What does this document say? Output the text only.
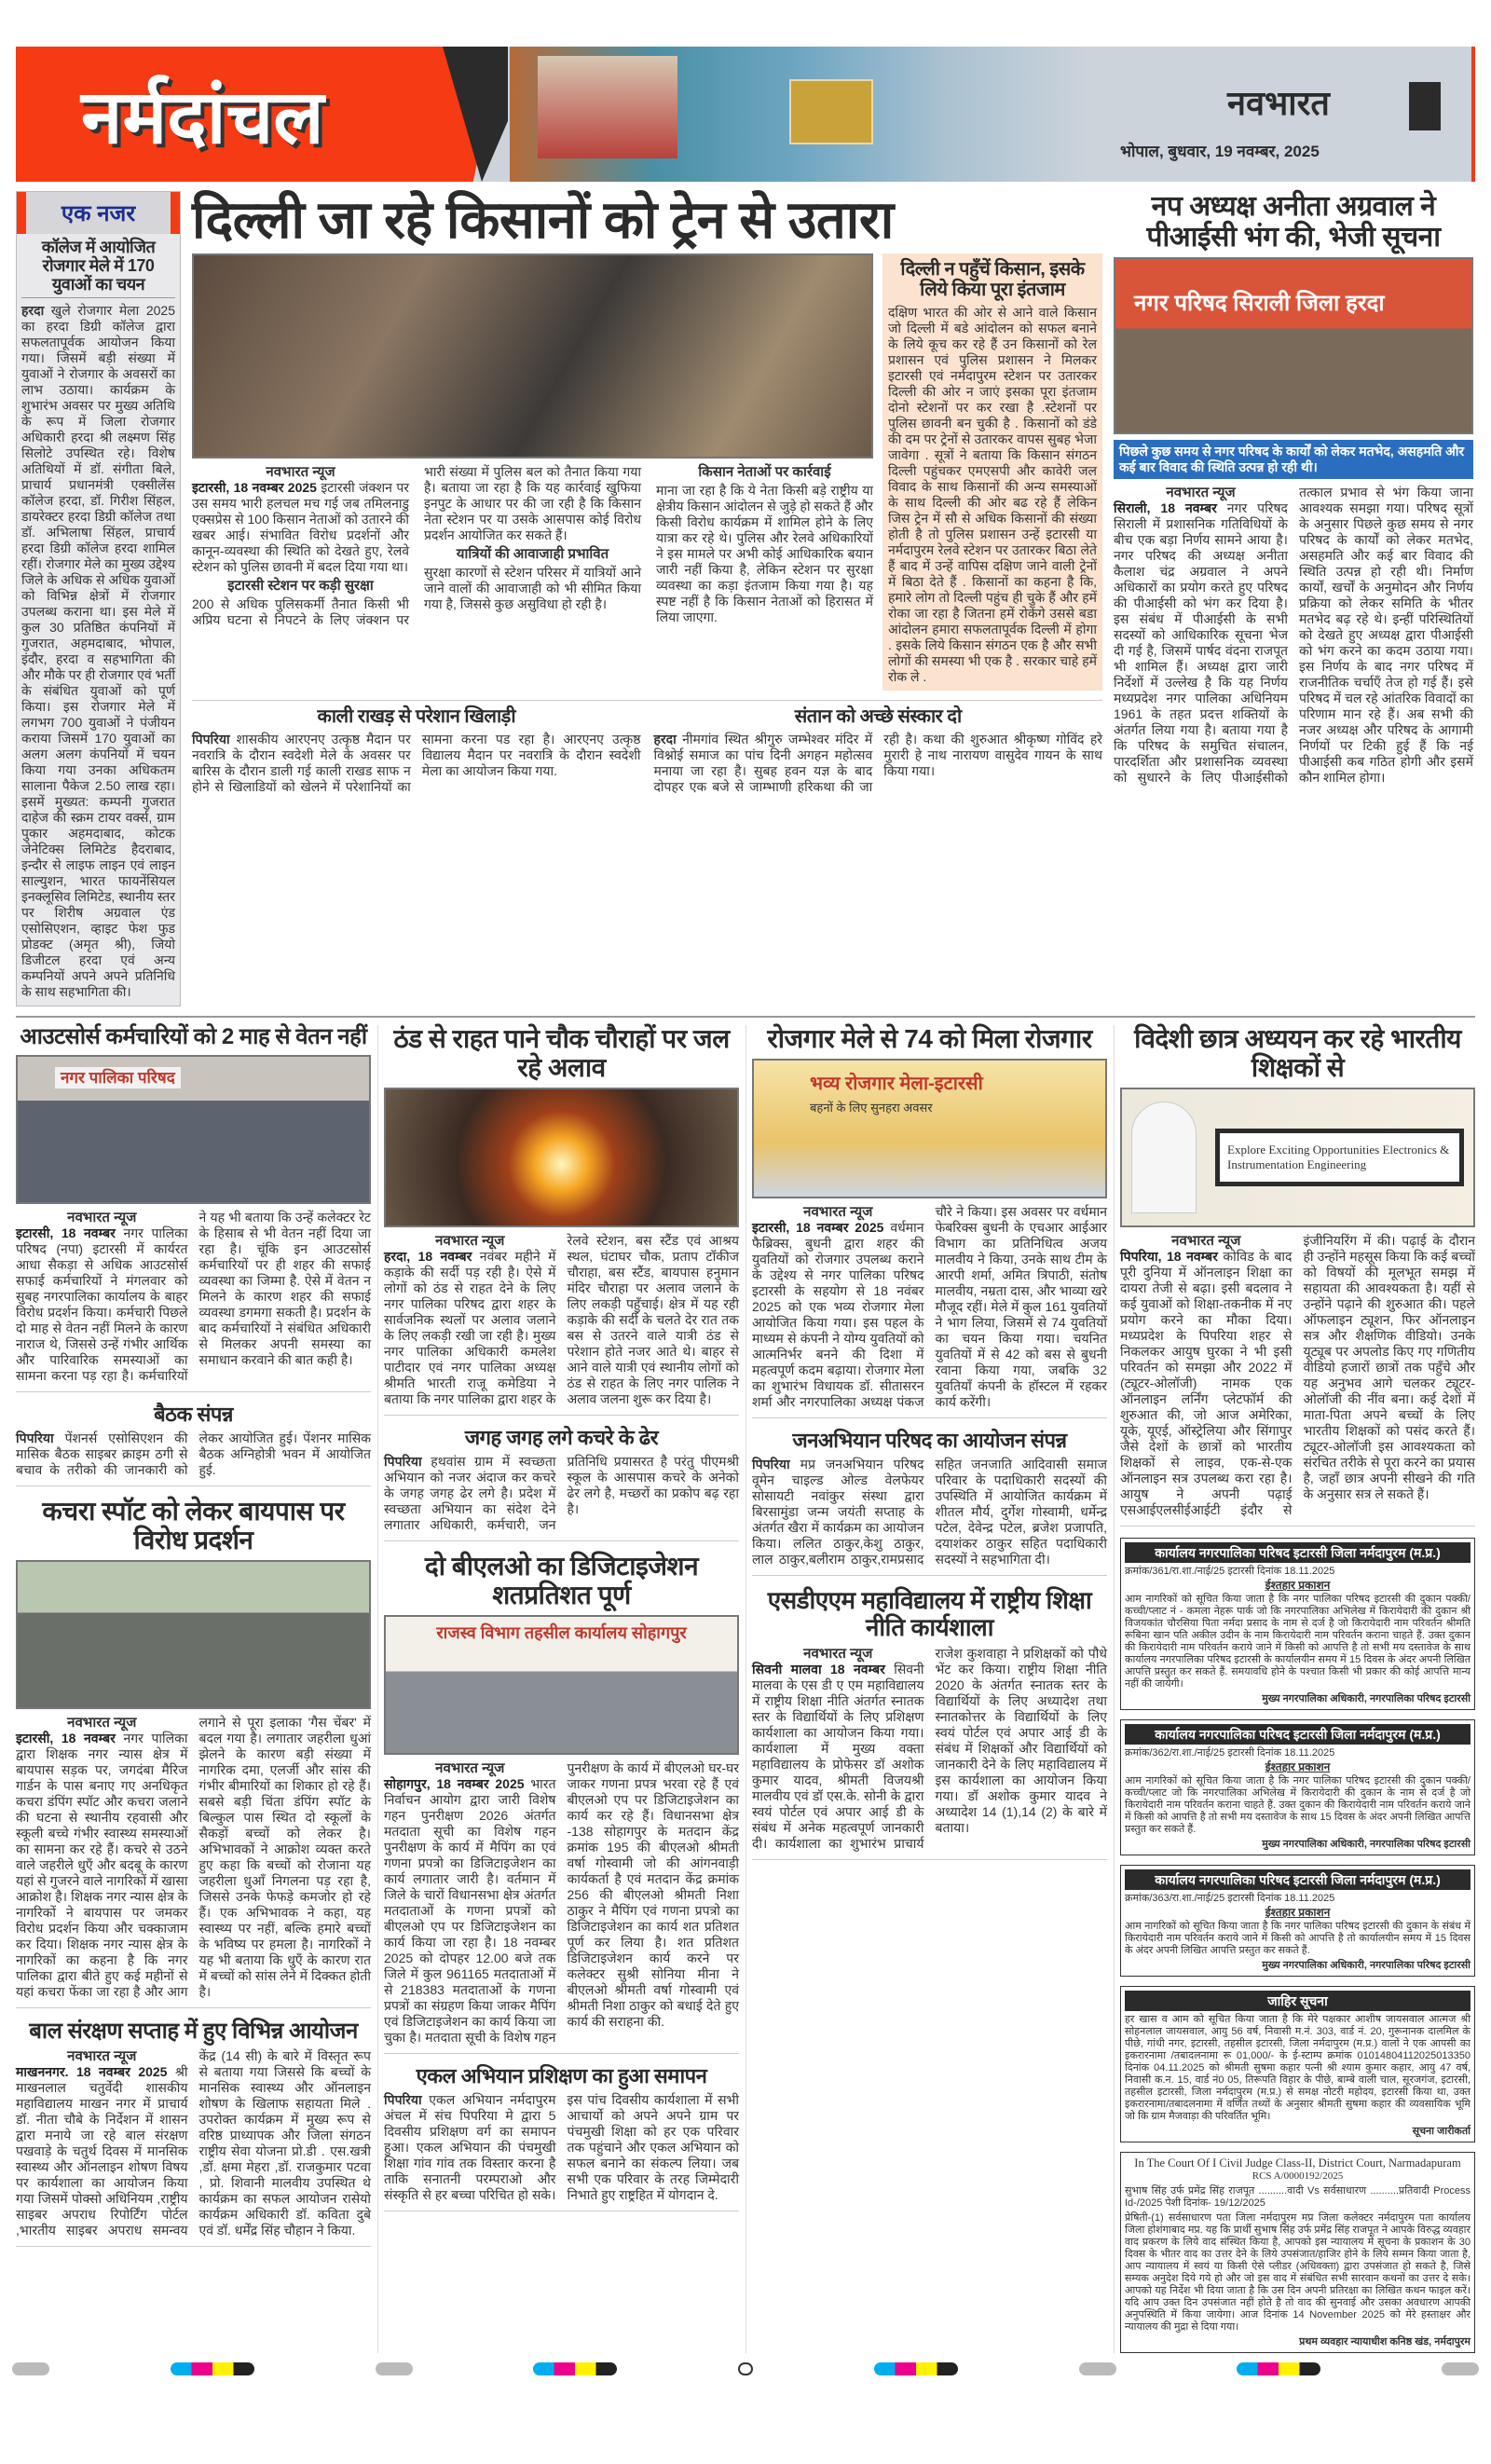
नर्मदांचल	नवभारत
भोपाल, बुधवार, 19 नवम्बर, 2025
एक नजर
कॉलेज में आयोजित रोजगार मेले में 170 युवाओं का चयन
हरदा खुले रोजगार मेला 2025 का हरदा डिग्री कॉलेज द्वारा सफलतापूर्वक आयोजन किया गया। जिसमें बड़ी संख्या में युवाओं ने रोजगार के अवसरों का लाभ उठाया। कार्यक्रम के शुभारंभ अवसर पर मुख्य अतिथि के रूप में जिला रोजगार अधिकारी हरदा श्री लक्ष्मण सिंह सिलोटे उपस्थित रहे। विशेष अतिथियों में डॉ. संगीता बिले, प्राचार्य प्रधानमंत्री एक्सीलेंस कॉलेज हरदा, डॉ. गिरीश सिंहल, डायरेक्टर हरदा डिग्री कॉलेज तथा डॉ. अभिलाषा सिंहल, प्राचार्य हरदा डिग्री कॉलेज हरदा शामिल रहीं। रोजगार मेले का मुख्य उद्देश्य जिले के अधिक से अधिक युवाओं को विभिन्न क्षेत्रों में रोजगार उपलब्ध कराना था। इस मेले में कुल 30 प्रतिष्ठित कंपनियों में गुजरात, अहमदाबाद, भोपाल, इंदौर, हरदा व सहभागिता की और मौके पर ही रोजगार एवं भर्ती के संबंधित युवाओं को पूर्ण किया। इस रोजगार मेले में लगभग 700 युवाओं ने पंजीयन कराया जिसमें 170 युवाओं का अलग अलग कंपनियों में चयन किया गया उनका अधिकतम सालाना पैकेज 2.50 लाख रहा। इसमें मुख्यत: कम्पनी गुजरात दाहेज की स्क्रम टायर वर्क्स, ग्राम पुकार अहमदाबाद, कोटक जेनेटिक्स लिमिटेड हैदराबाद, इन्दौर से लाइफ लाइन एवं लाइन साल्युशन, भारत फायनेंसियल इनक्लूसिव लिमिटेड, स्थानीय स्तर पर शिरीष अग्रवाल एंड एसोसिएशन, व्हाइट फेश फुड प्रोडक्ट (अमृत श्री), जियो डिजीटल हरदा एवं अन्य कम्पनियों अपने अपने प्रतिनिधि के साथ सहभागिता की।
दिल्ली जा रहे किसानों को ट्रेन से उतारा
नवभारत न्यूज
इटारसी, 18 नवम्बर 2025 इटारसी जंक्शन पर उस समय भारी हलचल मच गई जब तमिलनाडु एक्सप्रेस से 100 किसान नेताओं को उतारने की खबर आई। संभावित विरोध प्रदर्शनों और कानून-व्यवस्था की स्थिति को देखते हुए, रेलवे स्टेशन को पुलिस छावनी में बदल दिया गया था।
इटारसी स्टेशन पर कड़ी सुरक्षा
200 से अधिक पुलिसकर्मी तैनात किसी भी अप्रिय घटना से निपटने के लिए जंक्शन पर भारी संख्या में पुलिस बल को तैनात किया गया है। बताया जा रहा है कि यह कार्रवाई खुफिया इनपुट के आधार पर की जा रही है कि किसान नेता स्टेशन पर या उसके आसपास कोई विरोध प्रदर्शन आयोजित कर सकते हैं।
यात्रियों की आवाजाही प्रभावित
सुरक्षा कारणों से स्टेशन परिसर में यात्रियों आने जाने वालों की आवाजाही को भी सीमित किया गया है, जिससे कुछ असुविधा हो रही है।
किसान नेताओं पर कार्रवाई
माना जा रहा है कि ये नेता किसी बड़े राष्ट्रीय या क्षेत्रीय किसान आंदोलन से जुड़े हो सकते हैं और किसी विरोध कार्यक्रम में शामिल होने के लिए यात्रा कर रहे थे। पुलिस और रेलवे अधिकारियों ने इस मामले पर अभी कोई आधिकारिक बयान जारी नहीं किया है, लेकिन स्टेशन पर सुरक्षा व्यवस्था का कड़ा इंतजाम किया गया है। यह स्पष्ट नहीं है कि किसान नेताओं को हिरासत में लिया जाएगा.
दिल्ली न पहुँचें किसान, इसके लिये किया पूरा इंतजाम
दक्षिण भारत की ओर से आने वाले किसान जो दिल्ली में बडे आंदोलन को सफल बनाने के लिये कूच कर रहे हैं उन किसानों को रेल प्रशासन एवं पुलिस प्रशासन ने मिलकर इटारसी एवं नर्मदापुरम स्टेशन पर उतारकर दिल्ली की ओर न जाएं इसका पूरा इंतजाम दोनो स्टेशनों पर कर रखा है .स्टेशनों पर पुलिस छावनी बन चुकी है . किसानों को डंडे की दम पर ट्रेनों से उतारकर वापस सुबह भेजा जावेगा . सूत्रों ने बताया कि किसान संगठन दिल्ली पहुंचकर एमएसपी और कावेरी जल विवाद के साथ किसानों की अन्य समस्याओं के साथ दिल्ली की ओर बढ रहे हैं लेकिन जिस ट्रेन में सौ से अधिक किसानों की संख्या होती है तो पुलिस प्रशासन उन्हें इटारसी या नर्मदापुरम रेलवे स्टेशन पर उतारकर बिठा लेते हैं बाद में उन्हें वापिस दक्षिण जाने वाली ट्रेनों में बिठा देते हैं . किसानों का कहना है कि, हमारे लोग तो दिल्ली पहुंच ही चुके हैं और हमें रोका जा रहा है जितना हमें रोकेंगे उससे बडा आंदोलन हमारा सफलतापूर्वक दिल्ली में होगा . इसके लिये किसान संगठन एक है और सभी लोगों की समस्या भी एक है . सरकार चाहे हमें रोक ले .
काली राखड़ से परेशान खिलाड़ी
पिपरिया शासकीय आरएनए उत्कृष्ठ मैदान पर नवरात्रि के दौरान स्वदेशी मेले के अवसर पर बारिस के दौरान डाली गई काली राखड साफ न होने से खिलाडियों को खेलने में परेशानियों का सामना करना पड रहा है। आरएनए उत्कृष्ठ विद्यालय मैदान पर नवरात्रि के दौरान स्वदेशी मेला का आयोजन किया गया.
संतान को अच्छे संस्कार दो
हरदा नीमगांव स्थित श्रीगुरु जम्भेश्वर मंदिर में विश्नोई समाज का पांच दिनी अगहन महोत्सव मनाया जा रहा है। सुबह हवन यज्ञ के बाद दोपहर एक बजे से जाम्भाणी हरिकथा की जा रही है। कथा की शुरुआत श्रीकृष्ण गोविंद हरे मुरारी हे नाथ नारायण वासुदेव गायन के साथ किया गया।
नप अध्यक्ष अनीता अग्रवाल ने पीआईसी भंग की, भेजी सूचना
नगर परिषद सिराली जिला हरदा
पिछले कुछ समय से नगर परिषद के कार्यों को लेकर मतभेद, असहमति और कई बार विवाद की स्थिति उत्पन्न हो रही थी।
नवभारत न्यूज
सिराली, 18 नवम्बर नगर परिषद सिराली में प्रशासनिक गतिविधियों के बीच एक बड़ा निर्णय सामने आया है। नगर परिषद की अध्यक्ष अनीता कैलाश चंद्र अग्रवाल ने अपने अधिकारों का प्रयोग करते हुए परिषद की पीआईसी को भंग कर दिया है। इस संबंध में पीआईसी के सभी सदस्यों को आधिकारिक सूचना भेज दी गई है, जिसमें पार्षद वंदना राजपूत भी शामिल हैं। अध्यक्ष द्वारा जारी निर्देशों में उल्लेख है कि यह निर्णय मध्यप्रदेश नगर पालिका अधिनियम 1961 के तहत प्रदत्त शक्तियों के अंतर्गत लिया गया है। बताया गया है कि परिषद के समुचित संचालन, पारदर्शिता और प्रशासनिक व्यवस्था को सुधारने के लिए पीआईसीको तत्काल प्रभाव से भंग किया जाना आवश्यक समझा गया। परिषद सूत्रों के अनुसार पिछले कुछ समय से नगर परिषद के कार्यों को लेकर मतभेद, असहमति और कई बार विवाद की स्थिति उत्पन्न हो रही थी। निर्माण कार्यों, खर्चों के अनुमोदन और निर्णय प्रक्रिया को लेकर समिति के भीतर मतभेद बढ़ रहे थे। इन्हीं परिस्थितियों को देखते हुए अध्यक्ष द्वारा पीआईसी को भंग करने का कदम उठाया गया। इस निर्णय के बाद नगर परिषद में राजनीतिक चर्चाएँ तेज हो गई हैं। इसे परिषद में चल रहे आंतरिक विवादों का परिणाम मान रहे हैं। अब सभी की नजर अध्यक्ष और परिषद के आगामी निर्णयों पर टिकी हुई हैं कि नई पीआईसी कब गठित होगी और इसमें कौन शामिल होगा।
आउटसोर्स कर्मचारियों को 2 माह से वेतन नहीं
नगर पालिका परिषद
नवभारत न्यूज
इटारसी, 18 नवम्बर नगर पालिका परिषद (नपा) इटारसी में कार्यरत आधा सैकड़ा से अधिक आउटसोर्स सफाई कर्मचारियों ने मंगलवार को सुबह नगरपालिका कार्यालय के बाहर विरोध प्रदर्शन किया। कर्मचारी पिछले दो माह से वेतन नहीं मिलने के कारण नाराज थे, जिससे उन्हें गंभीर आर्थिक और पारिवारिक समस्याओं का सामना करना पड़ रहा है। कर्मचारियों ने यह भी बताया कि उन्हें कलेक्टर रेट के हिसाब से भी वेतन नहीं दिया जा रहा है। चूंकि इन आउटसोर्स कर्मचारियों पर ही शहर की सफाई व्यवस्था का जिम्मा है. ऐसे में वेतन न मिलने के कारण शहर की सफाई व्यवस्था डगमगा सकती है। प्रदर्शन के बाद कर्मचारियों ने संबंधित अधिकारी से मिलकर अपनी समस्या का समाधान करवाने की बात कही है।
बैठक संपन्न
पिपरिया पेंशनर्स एसोसिएशन की मासिक बैठक साइबर क्राइम ठगी से बचाव के तरीको की जानकारी को लेकर आयोजित हुई। पेंशनर मासिक बैठक अग्निहोत्री भवन में आयोजित हुई.
कचरा स्पॉट को लेकर बायपास पर विरोध प्रदर्शन
नवभारत न्यूज
इटारसी, 18 नवम्बर नगर पालिका द्वारा शिक्षक नगर न्यास क्षेत्र में बायपास सड़क पर, जगदंबा मैरिज गार्डन के पास बनाए गए अनधिकृत कचरा डंपिंग स्पॉट और कचरा जलाने की घटना से स्थानीय रहवासी और स्कूली बच्चे गंभीर स्वास्थ्य समस्याओं का सामना कर रहे हैं। कचरे से उठने वाले जहरीले धुएँ और बदबू के कारण यहां से गुजरने वाले नागरिकों में खासा आक्रोश है। शिक्षक नगर न्यास क्षेत्र के नागरिकों ने बायपास पर जमकर विरोध प्रदर्शन किया और चक्काजाम कर दिया। शिक्षक नगर न्यास क्षेत्र के नागरिकों का कहना है कि नगर पालिका द्वारा बीते हुए कई महीनों से यहां कचरा फेंका जा रहा है और आग लगाने से पूरा इलाका 'गैस चेंबर' में बदल गया है। लगातार जहरीला धुआं झेलने के कारण बड़ी संख्या में नागरिक दमा, एलर्जी और सांस की गंभीर बीमारियों का शिकार हो रहे हैं। सबसे बड़ी चिंता डंपिंग स्पॉट के बिल्कुल पास स्थित दो स्कूलों के सैकड़ों बच्चों को लेकर है। अभिभावकों ने आक्रोश व्यक्त करते हुए कहा कि बच्चों को रोजाना यह जहरीला धुआँ निगलना पड़ रहा है, जिससे उनके फेफड़े कमजोर हो रहे हैं। एक अभिभावक ने कहा, यह स्वास्थ्य पर नहीं, बल्कि हमारे बच्चों के भविष्य पर हमला है। नागरिकों ने यह भी बताया कि धुएँ के कारण रात में बच्चों को सांस लेने में दिक्कत होती है।
बाल संरक्षण सप्ताह में हुए विभिन्न आयोजन
नवभारत न्यूज
माखननगर. 18 नवम्बर 2025 श्री माखनलाल चतुर्वेदी शासकीय महाविद्यालय माखन नगर में प्राचार्य डॉ. नीता चौबे के निर्देशन में शासन द्वारा मनाये जा रहे बाल संरक्षण पखवाड़े के चतुर्थ दिवस में मानसिक स्वास्थ्य और ऑनलाइन शोषण विषय पर कार्यशाला का आयोजन किया गया जिसमें पोक्सो अधिनियम ,राष्ट्रीय साइबर अपराध रिपोर्टिंग पोर्टल ,भारतीय साइबर अपराध समन्वय केंद्र (14 सी) के बारे में विस्तृत रूप से बताया गया जिससे कि बच्चों के मानसिक स्वास्थ्य और ऑनलाइन शोषण के खिलाफ सहायता मिले . उपरोक्त कार्यक्रम में मुख्य रूप से वरिष्ठ प्राध्यापक और जिला संगठन राष्ट्रीय सेवा योजना प्रो.डी . एस.खत्री ,डॉ. क्षमा मेहरा ,डॉ. राजकुमार पटवा , प्रो. शिवानी मालवीय उपस्थित थे कार्यक्रम का सफल आयोजन रासेयो कार्यक्रम अधिकारी डॉ. कविता दुबे एवं डॉ. धर्मेंद्र सिंह चौहान ने किया.
ठंड से राहत पाने चौक चौराहों पर जल रहे अलाव
नवभारत न्यूज
हरदा, 18 नवम्बर नवंबर महीने में कड़ाके की सर्दी पड़ रही है। ऐसे में लोगों को ठंड से राहत देने के लिए नगर पालिका परिषद द्वारा शहर के सार्वजनिक स्थलों पर अलाव जलाने के लिए लकड़ी रखी जा रही है। मुख्य नगर पालिका अधिकारी कमलेश पाटीदार एवं नगर पालिका अध्यक्ष श्रीमति भारती राजू कमेडिया ने बताया कि नगर पालिका द्वारा शहर के रेलवे स्टेशन, बस स्टैंड एवं आश्रय स्थल, घंटाघर चौक, प्रताप टॉकीज चौराहा, बस स्टैंड, बायपास हनुमान मंदिर चौराहा पर अलाव जलाने के लिए लकड़ी पहुँचाई। क्षेत्र में यह रही कड़ाके की सर्दी के चलते देर रात तक बस से उतरने वाले यात्री ठंड से परेशान होते नजर आते थे। बाहर से आने वाले यात्री एवं स्थानीय लोगों को ठंड से राहत के लिए नगर पालिक ने अलाव जलना शुरू कर दिया है।
जगह जगह लगे कचरे के ढेर
पिपरिया हथवांस ग्राम में स्वच्छता अभियान को नजर अंदाज कर कचरे के जगह जगह ढेर लगे है। प्रदेश में स्वच्छता अभियान का संदेश देने लगातार अधिकारी, कर्मचारी, जन प्रतिनिधि प्रयासरत है परंतु पीएमश्री स्कूल के आसपास कचरे के अनेको ढेर लगे है, मच्छरों का प्रकोप बढ़ रहा है।
दो बीएलओ का डिजिटाइजेशन शतप्रतिशत पूर्ण
राजस्व विभाग तहसील कार्यालय सोहागपुर
नवभारत न्यूज
सोहागपुर, 18 नवम्बर 2025 भारत निर्वाचन आयोग द्वारा जारी विशेष गहन पुनरीक्षण 2026 अंतर्गत मतदाता सूची का विशेष गहन पुनरीक्षण के कार्य में मैपिंग का एवं गणना प्रपत्रो का डिजिटाइजेशन का कार्य लगातार जारी है। वर्तमान में जिले के चारों विधानसभा क्षेत्र अंतर्गत मतदाताओं के गणना प्रपत्रों को बीएलओ एप पर डिजिटाइजेशन का कार्य किया जा रहा है। 18 नवम्बर 2025 को दोपहर 12.00 बजे तक जिले में कुल 961165 मतदाताओं में से 218383 मतदाताओं के गणना प्रपत्रों का संग्रहण किया जाकर मैपिंग एवं डिजिटाइजेशन का कार्य किया जा चुका है। मतदाता सूची के विशेष गहन पुनरीक्षण के कार्य में बीएलओ घर-घर जाकर गणना प्रपत्र भरवा रहे हैं एवं बीएलओ एप पर डिजिटाइजेशन का कार्य कर रहे हैं। विधानसभा क्षेत्र -138 सोहागपुर के मतदान केंद्र क्रमांक 195 की बीएलओ श्रीमती वर्षा गोस्वामी जो की आंगनवाड़ी कार्यकर्ता है एवं मतदान केंद्र क्रमांक 256 की बीएलओ श्रीमती निशा ठाकुर ने मैपिंग एवं गणना प्रपत्रो का डिजिटाइजेशन का कार्य शत प्रतिशत पूर्ण कर लिया है। शत प्रतिशत डिजिटाइजेशन कार्य करने पर कलेक्टर सुश्री सोनिया मीना ने बीएलओ श्रीमती वर्षा गोस्वामी एवं श्रीमती निशा ठाकुर को बधाई देते हुए कार्य की सराहना की.
एकल अभियान प्रशिक्षण का हुआ समापन
पिपरिया एकल अभियान नर्मदापुरम अंचल में संच पिपरिया मे द्वारा 5 दिवसीय प्रशिक्षण वर्ग का समापन हुआ। एकल अभियान की पंचमुखी शिक्षा गांव गांव तक विस्तार करना है ताकि सनातनी परम्पराओ और संस्कृति से हर बच्चा परिचित हो सके। इस पांच दिवसीय कार्यशाला में सभी आचार्यो को अपने अपने ग्राम पर पंचमुखी शिक्षा को हर एक परिवार तक पहुंचाने और एकल अभियान को सफल बनाने का संकल्प लिया। जब सभी एक परिवार के तरह जिम्मेदारी निभाते हुए राष्ट्रहित में योगदान दे.
रोजगार मेले से 74 को मिला रोजगार
भव्य रोजगार मेला-इटारसी
बहनों के लिए सुनहरा अवसर
नवभारत न्यूज
इटारसी, 18 नवम्बर 2025 वर्धमान फैब्रिक्स, बुधनी द्वारा शहर की युवतियों को रोजगार उपलब्ध कराने के उद्देश्य से नगर पालिका परिषद इटारसी के सहयोग से 18 नवंबर 2025 को एक भव्य रोजगार मेला आयोजित किया गया। इस पहल के माध्यम से कंपनी ने योग्य युवतियों को आत्मनिर्भर बनने की दिशा में महत्वपूर्ण कदम बढ़ाया। रोजगार मेला का शुभारंभ विधायक डॉ. सीतासरन शर्मा और नगरपालिका अध्यक्ष पंकज चौरे ने किया। इस अवसर पर वर्धमान फेबरिक्स बुधनी के एचआर आईआर विभाग का प्रतिनिधित्व अजय मालवीय ने किया, उनके साथ टीम के आरपी शर्मा, अमित त्रिपाठी, संतोष मालवीय, नम्रता दास, और भाव्या खरे मौजूद रहीं। मेले में कुल 161 युवतियों ने भाग लिया, जिसमें से 74 युवतियों का चयन किया गया। चयनित युवतियों में से 42 को बस से बुधनी रवाना किया गया, जबकि 32 युवतियाँ कंपनी के हॉस्टल में रहकर कार्य करेंगी।
जनअभियान परिषद का आयोजन संपन्न
पिपरिया मप्र जनअभियान परिषद वूमेन चाइल्ड ओल्ड वेलफेयर सोसायटी नवांकुर संस्था द्वारा बिरसामुंडा जन्म जयंती सप्ताह के अंतर्गत खैरा में कार्यक्रम का आयोजन किया। ललित ठाकुर,केशु ठाकुर, लाल ठाकुर,बलीराम ठाकुर,रामप्रसाद सहित जनजाति आदिवासी समाज परिवार के पदाधिकारी सदस्यों की उपस्थिति में आयोजित कार्यक्रम में शीतल मौर्य, दुर्गेश गोस्वामी, धर्मेन्द्र पटेल, देवेन्द्र पटेल, ब्रजेश प्रजापति, दयाशंकर ठाकुर सहित पदाधिकारी सदस्यों ने सहभागिता दी।
एसडीएएम महाविद्यालय में राष्ट्रीय शिक्षा नीति कार्यशाला
नवभारत न्यूज
सिवनी मालवा 18 नवम्बर सिवनी मालवा के एस डी ए एम महाविद्यालय में राष्ट्रीय शिक्षा नीति अंतर्गत स्नातक स्तर के विद्यार्थियों के लिए प्रशिक्षण कार्यशाला का आयोजन किया गया। कार्यशाला में मुख्य वक्ता महाविद्यालय के प्रोफेसर डॉ अशोक कुमार यादव, श्रीमती विजयश्री मालवीय एवं डॉ एस.के. सोनी के द्वारा स्वयं पोर्टल एवं अपार आई डी के संबंध में अनेक महत्वपूर्ण जानकारी दी। कार्यशाला का शुभारंभ प्राचार्य राजेश कुशवाहा ने प्रशिक्षकों को पौधे भेंट कर किया। राष्ट्रीय शिक्षा नीति 2020 के अंतर्गत स्नातक स्तर के विद्यार्थियों के लिए अध्यादेश तथा स्नातकोत्तर के विद्यार्थियों के लिए स्वयं पोर्टल एवं अपार आई डी के संबंध में शिक्षकों और विद्यार्थियों को जानकारी देने के लिए महाविद्यालय में इस कार्यशाला का आयोजन किया गया। डॉ अशोक कुमार यादव ने अध्यादेश 14 (1),14 (2) के बारे में बताया।
विदेशी छात्र अध्ययन कर रहे भारतीय शिक्षकों से
Explore Exciting Opportunities Electronics & Instrumentation Engineering
नवभारत न्यूज
पिपरिया, 18 नवम्बर कोविड के बाद पूरी दुनिया में ऑनलाइन शिक्षा का दायरा तेजी से बढ़ा। इसी बदलाव ने कई युवाओं को शिक्षा-तकनीक में नए प्रयोग करने का मौका दिया। मध्यप्रदेश के पिपरिया शहर से निकलकर आयुष घुरका ने भी इसी परिवर्तन को समझा और 2022 में (ट्यूटर-ओलॉजी) नामक एक ऑनलाइन लर्निंग प्लेटफॉर्म की शुरुआत की, जो आज अमेरिका, यूके, यूएई, ऑस्ट्रेलिया और सिंगापुर जैसे देशों के छात्रों को भारतीय शिक्षकों से लाइव, एक-से-एक ऑनलाइन सत्र उपलब्ध करा रहा है। आयुष ने अपनी पढ़ाई एसआईएलसीईआईटी इंदौर से इंजीनियरिंग में की। पढ़ाई के दौरान ही उन्होंने महसूस किया कि कई बच्चों को विषयों की मूलभूत समझ में सहायता की आवश्यकता है। यहीं से उन्होंने पढ़ाने की शुरुआत की। पहले ऑफलाइन ट्यूशन, फिर ऑनलाइन सत्र और शैक्षणिक वीडियो। उनके यूट्यूब पर अपलोड किए गए गणितीय वीडियो हजारों छात्रों तक पहुँचे और यह अनुभव आगे चलकर ट्यूटर-ओलॉजी की नींव बना। कई देशों में माता-पिता अपने बच्चों के लिए भारतीय शिक्षकों को पसंद करते हैं। ट्यूटर-ओलॉजी इस आवश्यकता को संरचित तरीके से पूरा करने का प्रयास है, जहाँ छात्र अपनी सीखने की गति के अनुसार सत्र ले सकते हैं।
कार्यालय नगरपालिका परिषद इटारसी जिला नर्मदापुरम (म.प्र.)
क्रमांक/361/रा.शा./नाई/25 इटारसी दिनांक 18.11.2025
ईश्तहार प्रकाशन
आम नागरिकों को सूचित किया जाता है कि नगर पालिका परिषद इटारसी की दुकान पक्की/कच्ची/प्लाट नं - कमला नेहरू पार्क जो कि नगरपालिका अभिलेख में किरायेदारी की दुकान श्री विजयकांत चौरसिया पिता नर्मदा प्रसाद के नाम से दर्ज है जो किरायेदारी नाम परिवर्तन श्रीमति रूबिना खान पति अकील उदीन के नाम किरायेदारी नाम परिवर्तन कराना चाहते हैं. उक्त दुकान की किरायेदारी नाम परिवर्तन कराये जाने में किसी को आपत्ति है तो सभी मय दस्तावेज के साथ कार्यालय नगरपालिका परिषद इटारसी के कार्यालयीन समय में 15 दिवस के अंदर अपनी लिखित आपत्ति प्रस्तुत कर सकते हैं. समयावधि होने के पश्चात किसी भी प्रकार की कोई आपत्ति मान्य नहीं की जायेगी।
मुख्य नगरपालिका अधिकारी, नगरपालिका परिषद इटारसी
कार्यालय नगरपालिका परिषद इटारसी जिला नर्मदापुरम (म.प्र.)
क्रमांक/362/रा.शा./नाई/25 इटारसी दिनांक 18.11.2025
ईश्तहार प्रकाशन
आम नागरिकों को सूचित किया जाता है कि नगर पालिका परिषद इटारसी की दुकान पक्की/कच्ची/प्लाट जो कि नगरपालिका अभिलेख में किरायेदारी की दुकान के नाम से दर्ज है जो किरायेदारी नाम परिवर्तन कराना चाहते हैं. उक्त दुकान की किरायेदारी नाम परिवर्तन कराये जाने में किसी को आपत्ति है तो सभी मय दस्तावेज के साथ 15 दिवस के अंदर अपनी लिखित आपत्ति प्रस्तुत कर सकते हैं.
मुख्य नगरपालिका अधिकारी, नगरपालिका परिषद इटारसी
कार्यालय नगरपालिका परिषद इटारसी जिला नर्मदापुरम (म.प्र.)
क्रमांक/363/रा.शा./नाई/25 इटारसी दिनांक 18.11.2025
ईश्तहार प्रकाशन
आम नागरिकों को सूचित किया जाता है कि नगर पालिका परिषद इटारसी की दुकान के संबंध में किरायेदारी नाम परिवर्तन कराये जाने में किसी को आपत्ति है तो कार्यालयीन समय में 15 दिवस के अंदर अपनी लिखित आपत्ति प्रस्तुत कर सकते हैं.
मुख्य नगरपालिका अधिकारी, नगरपालिका परिषद इटारसी
जाहिर सूचना
हर खास व आम को सूचित किया जाता है कि मेरे पक्षकार आशीष जायसवाल आत्मज श्री सोहनलाल जायसवाल, आयु 56 वर्ष, निवासी म.नं. 303, वार्ड नं. 20, गुरूनानक दालमिल के पीछे, गांधी नगर, इटारसी, तहसील इटारसी, जिला नर्मदापुरम (म.प्र.) वालों ने एक आपसी का इकरारनामा /तबादलनामा रू 01,000/- के ई-स्टाम्प क्रमांक 01014804112025013350 दिनांक 04.11.2025 को श्रीमती सुषमा कहार पत्नी श्री श्याम कुमार कहार, आयु 47 वर्ष, निवासी क.न. 15, वार्ड नं0 05, तिरूपति विहार के पीछे, बाम्बे वाली चाल, सूरजगंज, इटारसी, तहसील इटारसी, जिला नर्मदापुरम (म.प्र.) से समक्ष नोटरी महोदय, इटारसी किया था, उक्त इकरारनामा/तबादलनामा में वर्णित तथ्यों के अनुसार श्रीमती सुषमा कहार की व्यवसायिक भूमि जो कि ग्राम मैजवाड़ा की परिवर्तित भूमि।
सूचना जारीकर्ता
In The Court Of I Civil Judge Class-II, District Court, Narmadapuram
RCS A/0000192/2025
सुभाष सिंह उर्फ प्रमेंद्र सिंह राजपूत ..........वादी Vs सर्वसाधारण ..........प्रतिवादी Process Id-/2025 पेशी दिनांक- 19/12/2025
प्रेषिती-(1) सर्वसाधारण पता जिला नर्मदापुरम मप्र जिला कलेक्टर नर्मदापुरम पता कार्यालय जिला होशंगाबाद मप्र. यह कि प्रार्थी सुभाष सिंह उर्फ प्रमेंद्र सिंह राजपूत ने आपके विरुद्ध व्यवहार वाद प्रकरण के लिये वाद संस्थित किया है, आपको इस न्यायालय में सूचना के प्रकाशन के 30 दिवस के भीतर वाद का उत्तर देने के लिये उपसंजात/हाजिर होने के लिये सम्मन किया जाता है, आप न्यायालय में स्वयं या किसी ऐसे प्लीडर (अधिवक्ता) द्वारा उपसंजात हो सकते है, जिसे सम्यक अनुदेश दिये गये हो और जो इस वाद में संबंधित सभी सारवान कथनों का उत्तर दे सके। आपको यह निर्देश भी दिया जाता है कि उस दिन अपनी प्रतिरक्षा का लिखित कथन फाइल करें। यदि आप उक्त दिन उपसंजात नहीं होते है तो वाद की सुनवाई और उसका अवधारण आपकी अनुपस्थिति में किया जायेगा। आज दिनांक 14 November 2025 को मेरे हस्ताक्षर और न्यायालय की मुद्रा से दिया गया।
प्रथम व्यवहार न्यायाधीश कनिष्ठ खंड, नर्मदापुरम
